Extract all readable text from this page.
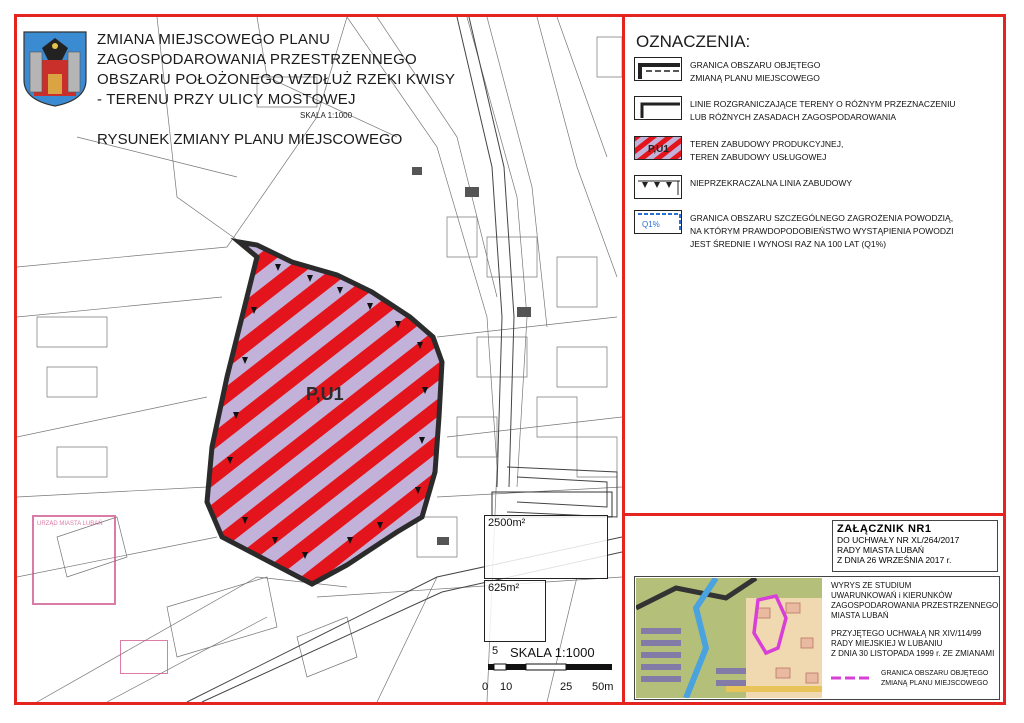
ZMIANA MIEJSCOWEGO PLANU
ZAGOSPODAROWANIA PRZESTRZENNEGO
OBSZARU POŁOŻONEGO WZDŁUŻ RZEKI KWISY
- TERENU PRZY ULICY MOSTOWEJ
SKALA 1:1000
RYSUNEK ZMIANY PLANU MIEJSCOWEGO
P,U1
2500m²
625m²
SKALA 1:1000
5
0 10	25 50m
URZĄD MIASTA LUBAŃ
OZNACZENIA:
GRANICA OBSZARU OBJĘTEGO
ZMIANĄ PLANU MIEJSCOWEGO
LINIE ROZGRANICZAJĄCE TERENY O RÓŻNYM PRZEZNACZENIU
LUB RÓŻNYCH ZASADACH ZAGOSPODAROWANIA
P,U1 TEREN ZABUDOWY PRODUKCYJNEJ,
TEREN ZABUDOWY USŁUGOWEJ
NIEPRZEKRACZALNA LINIA ZABUDOWY
Q1%
GRANICA OBSZARU SZCZEGÓLNEGO ZAGROŻENIA POWODZIĄ,
NA KTÓRYM PRAWDOPODOBIEŃSTWO WYSTĄPIENIA POWODZI
JEST ŚREDNIE I WYNOSI RAZ NA 100 LAT (Q1%)
ZAŁĄCZNIK NR1
DO UCHWAŁY NR XL/264/2017
RADY MIASTA LUBAŃ
Z DNIA 26 WRZEŚNIA 2017 r.
WYRYS ZE STUDIUM
UWARUNKOWAŃ i KIERUNKÓW
ZAGOSPODAROWANIA PRZESTRZENNEGO
MIASTA LUBAŃ
PRZYJĘTEGO UCHWAŁĄ NR XIV/114/99
RADY MIEJSKIEJ W LUBANIU
Z DNIA 30 LISTOPADA 1999 r. ZE ZMIANAMI
GRANICA OBSZARU OBJĘTEGO
ZMIANĄ PLANU MIEJSCOWEGO
